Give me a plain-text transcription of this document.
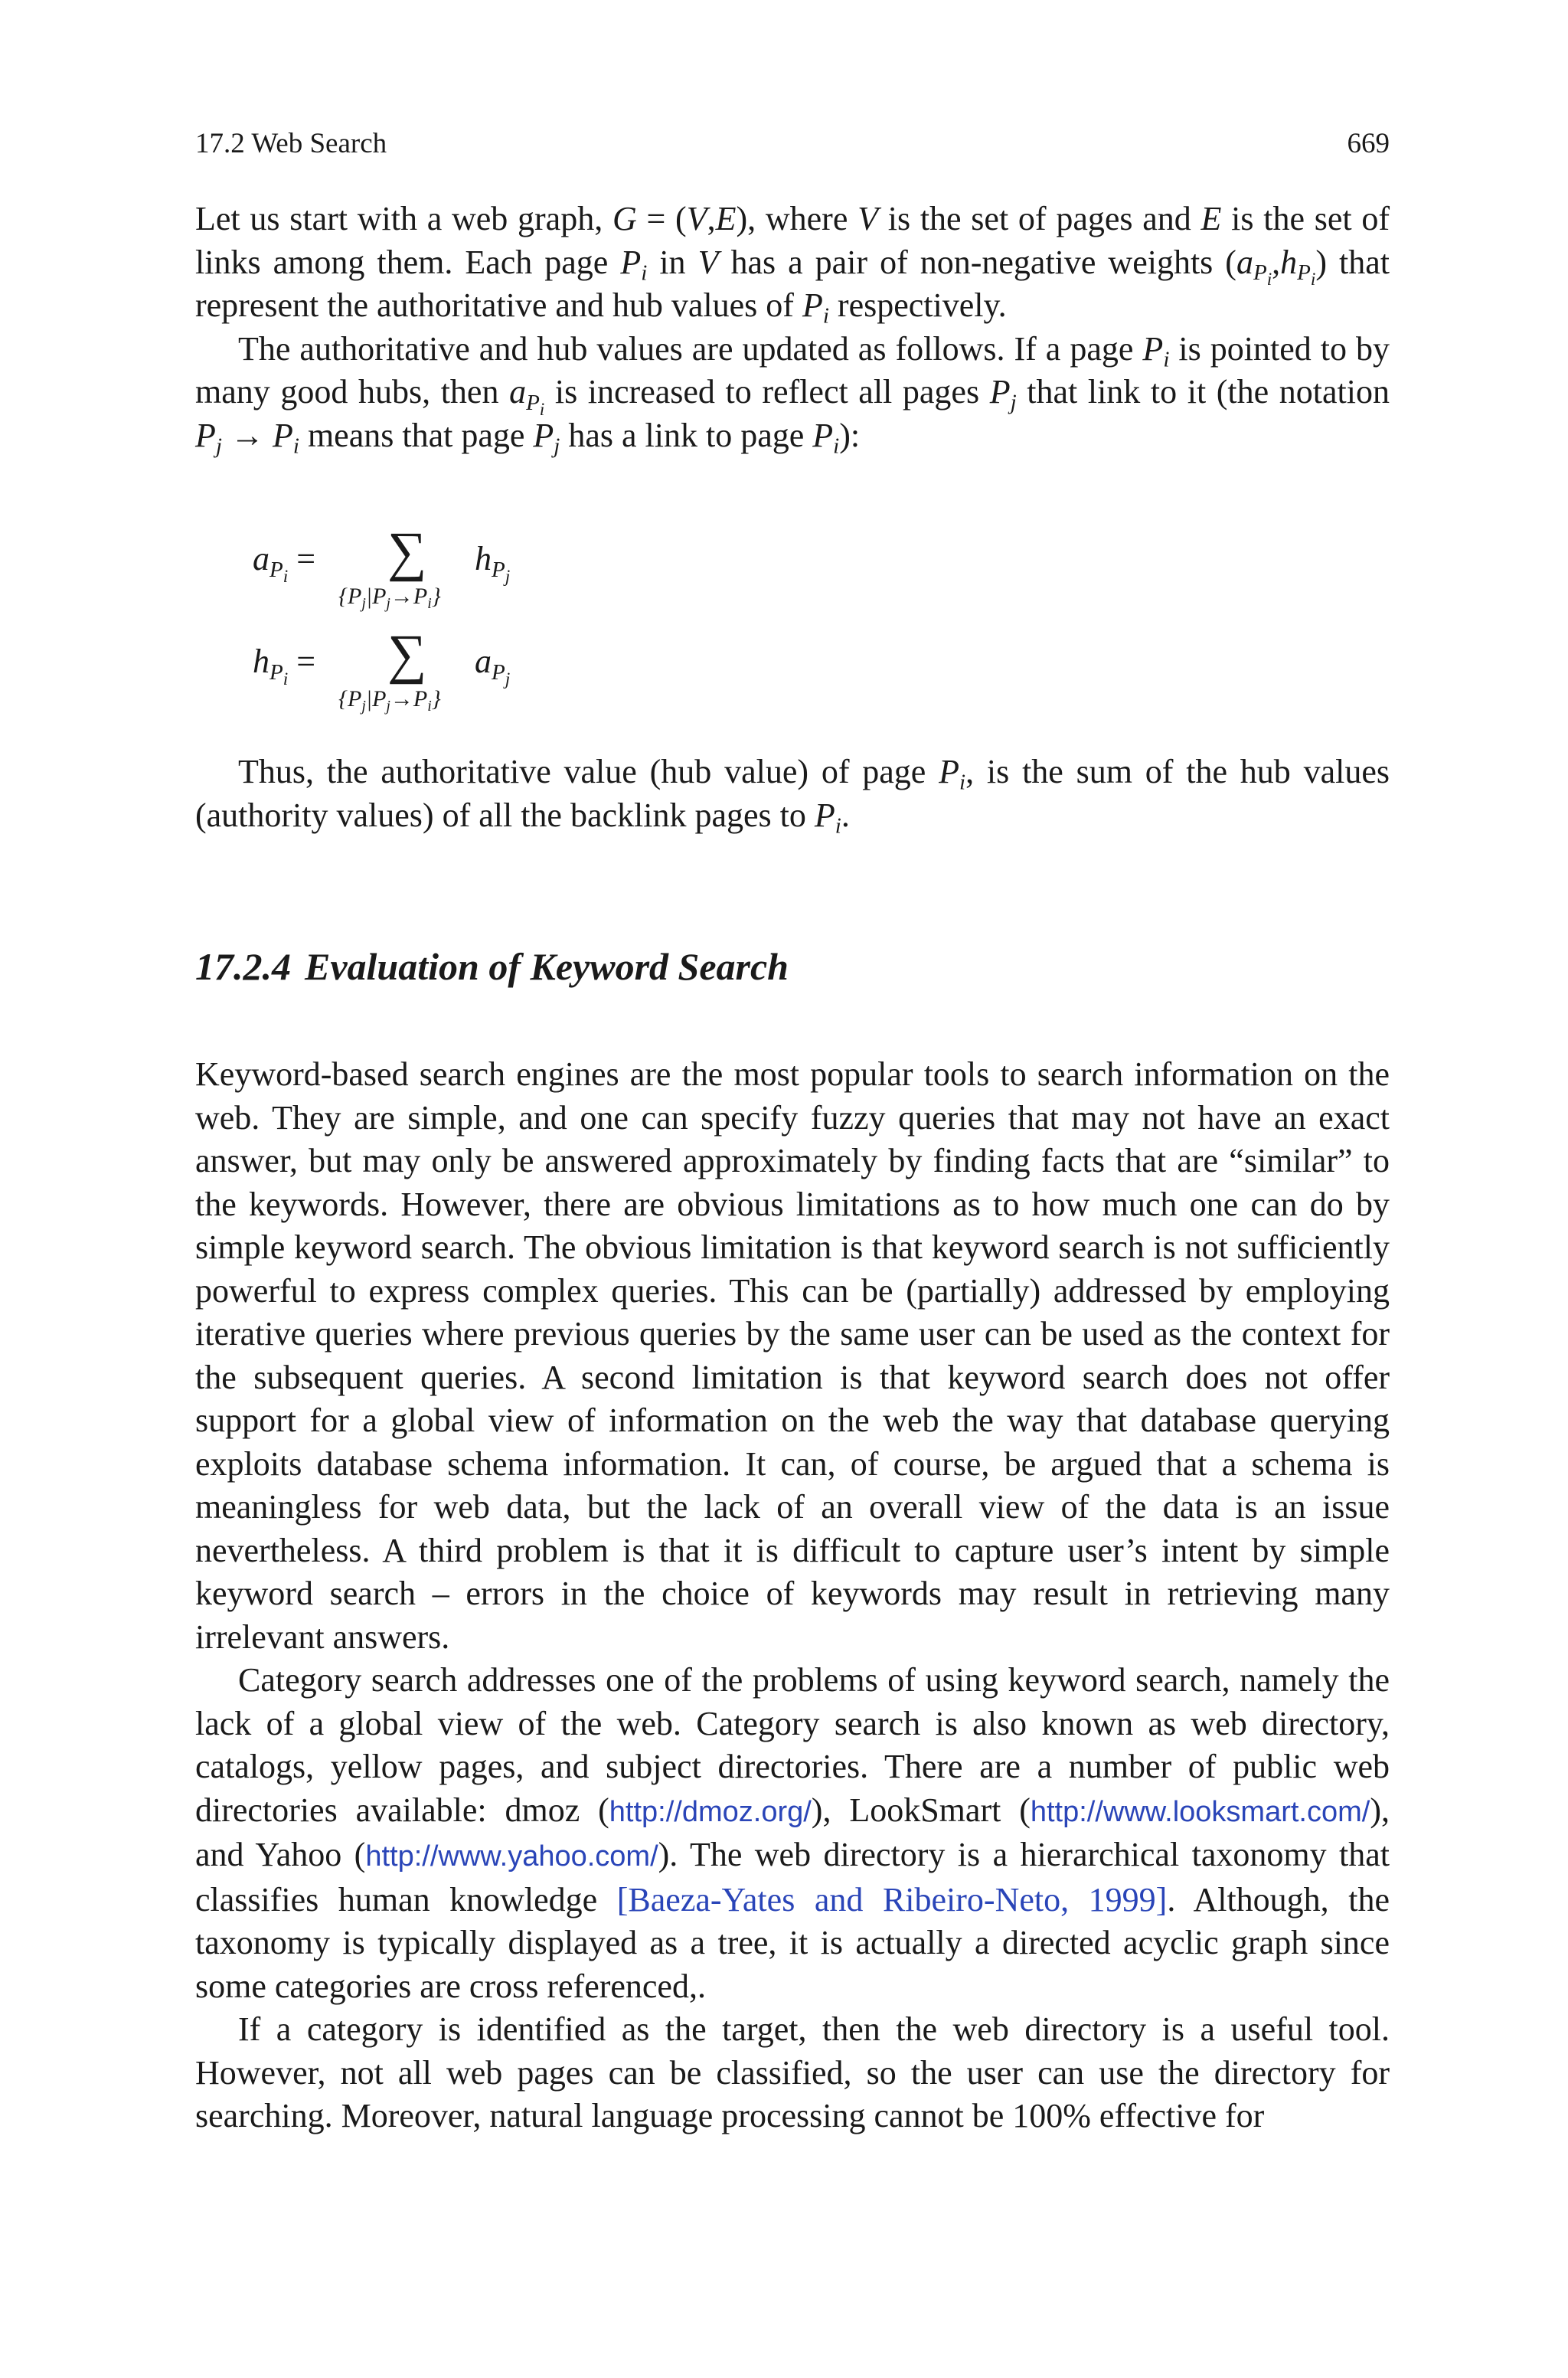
17.2 Web Search	669

Let us start with a web graph, G = (V,E), where V is the set of pages and E is the set of links among them. Each page $P_i$ in V has a pair of non-negative weights $(a_{P_i},h_{P_i})$ that represent the authoritative and hub values of $P_i$ respectively.

The authoritative and hub values are updated as follows. If a page $P_i$ is pointed to by many good hubs, then $a_{P_i}$ is increased to reflect all pages $P_j$ that link to it (the notation $P_j \to P_i$ means that page $P_j$ has a link to page $P_i$):

$a_{P_i}$ = ∑
$\{P_j|P_j\to P_i\}$
$h_{P_j}$
$h_{P_i}$ = ∑
$\{P_j|P_j\to P_i\}$
$a_{P_j}$

Thus, the authoritative value (hub value) of page $P_i$, is the sum of the hub values (authority values) of all the backlink pages to $P_i$.

17.2.4 Evaluation of Keyword Search

Keyword-based search engines are the most popular tools to search information on the web. They are simple, and one can specify fuzzy queries that may not have an exact answer, but may only be answered approximately by finding facts that are “similar” to the keywords. However, there are obvious limitations as to how much one can do by simple keyword search. The obvious limitation is that keyword search is not sufficiently powerful to express complex queries. This can be (partially) addressed by employing iterative queries where previous queries by the same user can be used as the context for the subsequent queries. A second limitation is that keyword search does not offer support for a global view of information on the web the way that database querying exploits database schema information. It can, of course, be argued that a schema is meaningless for web data, but the lack of an overall view of the data is an issue nevertheless. A third problem is that it is difficult to capture user’s intent by simple keyword search – errors in the choice of keywords may result in retrieving many irrelevant answers.

Category search addresses one of the problems of using keyword search, namely the lack of a global view of the web. Category search is also known as web directory, catalogs, yellow pages, and subject directories. There are a number of public web directories available: dmoz (http://dmoz.org/), LookSmart (http://www.looksmart.com/), and Yahoo (http://www.yahoo.com/). The web directory is a hierarchical taxonomy that classifies human knowledge [Baeza-Yates and Ribeiro-Neto, 1999]. Although, the taxonomy is typically displayed as a tree, it is actually a directed acyclic graph since some categories are cross referenced,.

If a category is identified as the target, then the web directory is a useful tool. However, not all web pages can be classified, so the user can use the directory for searching. Moreover, natural language processing cannot be 100% effective for
